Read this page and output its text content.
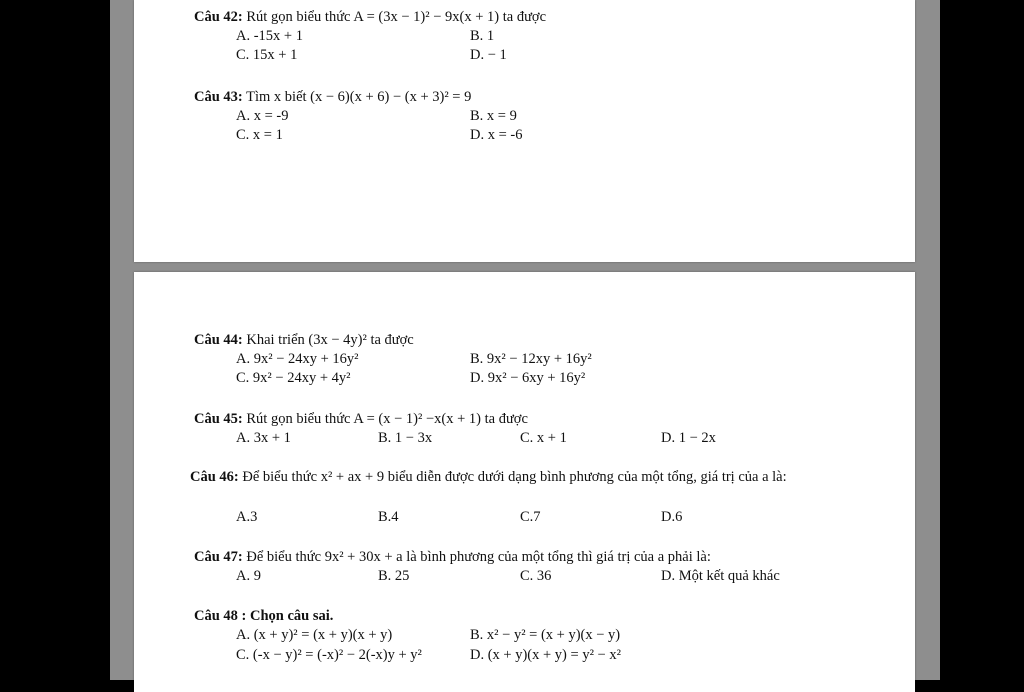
Câu 42: Rút gọn biểu thức A = (3x − 1)² − 9x(x + 1) ta được
A. -15x + 1	B. 1
C. 15x + 1	D. − 1
Câu 43: Tìm x biết (x − 6)(x + 6) − (x + 3)² = 9
A. x = -9	B. x = 9
C. x = 1	D. x = -6
Câu 44: Khai triển (3x − 4y)² ta được
A. 9x² − 24xy + 16y²	B. 9x² − 12xy + 16y²
C. 9x² − 24xy + 4y²	D. 9x² − 6xy + 16y²
Câu 45: Rút gọn biểu thức A = (x − 1)² −x(x + 1) ta được
A. 3x + 1	B. 1 − 3x	C. x + 1	D. 1 − 2x
Câu 46: Để biểu thức x² + ax + 9 biểu diễn được dưới dạng bình phương của một tổng, giá trị của a là:
A.3	B.4	C.7	D.6
Câu 47: Để biểu thức 9x² + 30x + a là bình phương của một tổng thì giá trị của a phải là:
A. 9	B. 25	C. 36	D. Một kết quả khác
Câu 48 : Chọn câu sai.
A. (x + y)² = (x + y)(x + y)	B. x² − y² = (x + y)(x − y)
C. (-x − y)² = (-x)² − 2(-x)y + y²	D. (x + y)(x + y) = y² − x²
